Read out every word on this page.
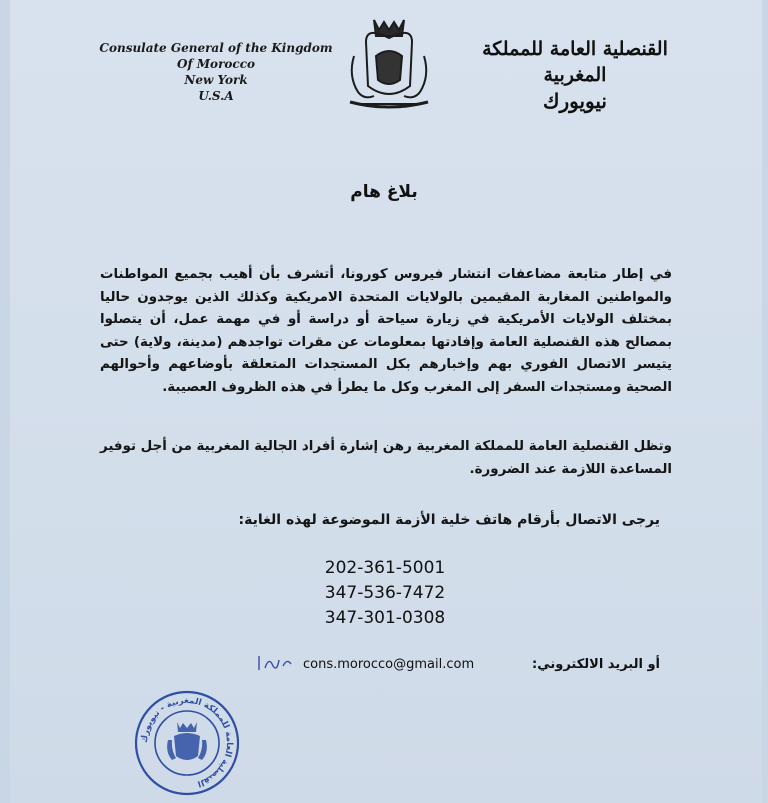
Consulate General of the Kingdom
Of Morocco
New York
U.S.A
القنصلية العامة للمملكة المغربية
نيويورك
بلاغ هام
في إطار متابعة مضاعفات انتشار فيروس كورونا، أتشرف بأن أهيب بجميع المواطنات والمواطنين المغاربة المقيمين بالولايات المتحدة الامريكية وكذلك الذين يوجدون حاليا بمختلف الولايات الأمريكية في زيارة سياحة أو دراسة أو في مهمة عمل، أن يتصلوا بمصالح هذه القنصلية العامة وإفادتها بمعلومات عن مقرات تواجدهم (مدينة، ولاية) حتى يتيسر الاتصال الفوري بهم وإخبارهم بكل المستجدات المتعلقة بأوضاعهم وأحوالهم الصحية ومستجدات السفر إلى المغرب وكل ما يطرأ في هذه الظروف العصيبة.
وتظل القنصلية العامة للمملكة المغربية رهن إشارة أفراد الجالية المغربية من أجل توفير المساعدة اللازمة عند الضرورة.
يرجى الاتصال بأرقام هاتف خلية الأزمة الموضوعة لهذه الغاية:
202-361-5001
347-536-7472
347-301-0308
cons.morocco@gmail.com	أو البريد الالكتروني:
القنصلية العامة للمملكة المغربية - نيويورك
